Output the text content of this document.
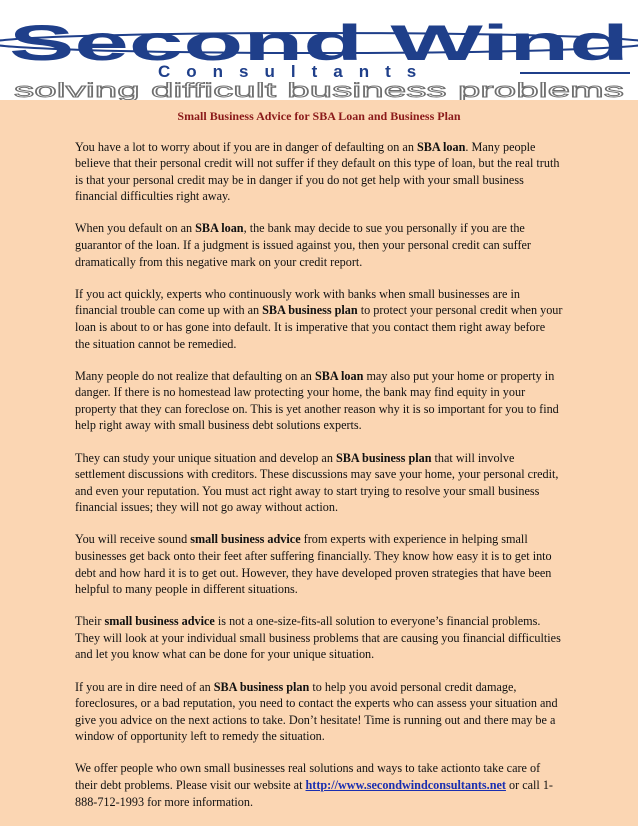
Second Wind
Consultants
solving difficult business problems
Small Business Advice for SBA Loan and Business Plan

You have a lot to worry about if you are in danger of defaulting on an SBA loan. Many people believe that their personal credit will not suffer if they default on this type of loan, but the real truth is that your personal credit may be in danger if you do not get help with your small business financial difficulties right away.

When you default on an SBA loan, the bank may decide to sue you personally if you are the guarantor of the loan. If a judgment is issued against you, then your personal credit can suffer dramatically from this negative mark on your credit report.

If you act quickly, experts who continuously work with banks when small businesses are in financial trouble can come up with an SBA business plan to protect your personal credit when your loan is about to or has gone into default. It is imperative that you contact them right away before the situation cannot be remedied.

Many people do not realize that defaulting on an SBA loan may also put your home or property in danger. If there is no homestead law protecting your home, the bank may find equity in your property that they can foreclose on. This is yet another reason why it is so important for you to find help right away with small business debt solutions experts.

They can study your unique situation and develop an SBA business plan that will involve settlement discussions with creditors. These discussions may save your home, your personal credit, and even your reputation. You must act right away to start trying to resolve your small business financial issues; they will not go away without action.

You will receive sound small business advice from experts with experience in helping small businesses get back onto their feet after suffering financially. They know how easy it is to get into debt and how hard it is to get out. However, they have developed proven strategies that have been helpful to many people in different situations.

Their small business advice is not a one-size-fits-all solution to everyone’s financial problems. They will look at your individual small business problems that are causing you financial difficulties and let you know what can be done for your unique situation.

If you are in dire need of an SBA business plan to help you avoid personal credit damage, foreclosures, or a bad reputation, you need to contact the experts who can assess your situation and give you advice on the next actions to take. Don’t hesitate! Time is running out and there may be a window of opportunity left to remedy the situation.

We offer people who own small businesses real solutions and ways to take actionto take care of their debt problems. Please visit our website at http://www.secondwindconsultants.net or call 1-888-712-1993 for more information.
